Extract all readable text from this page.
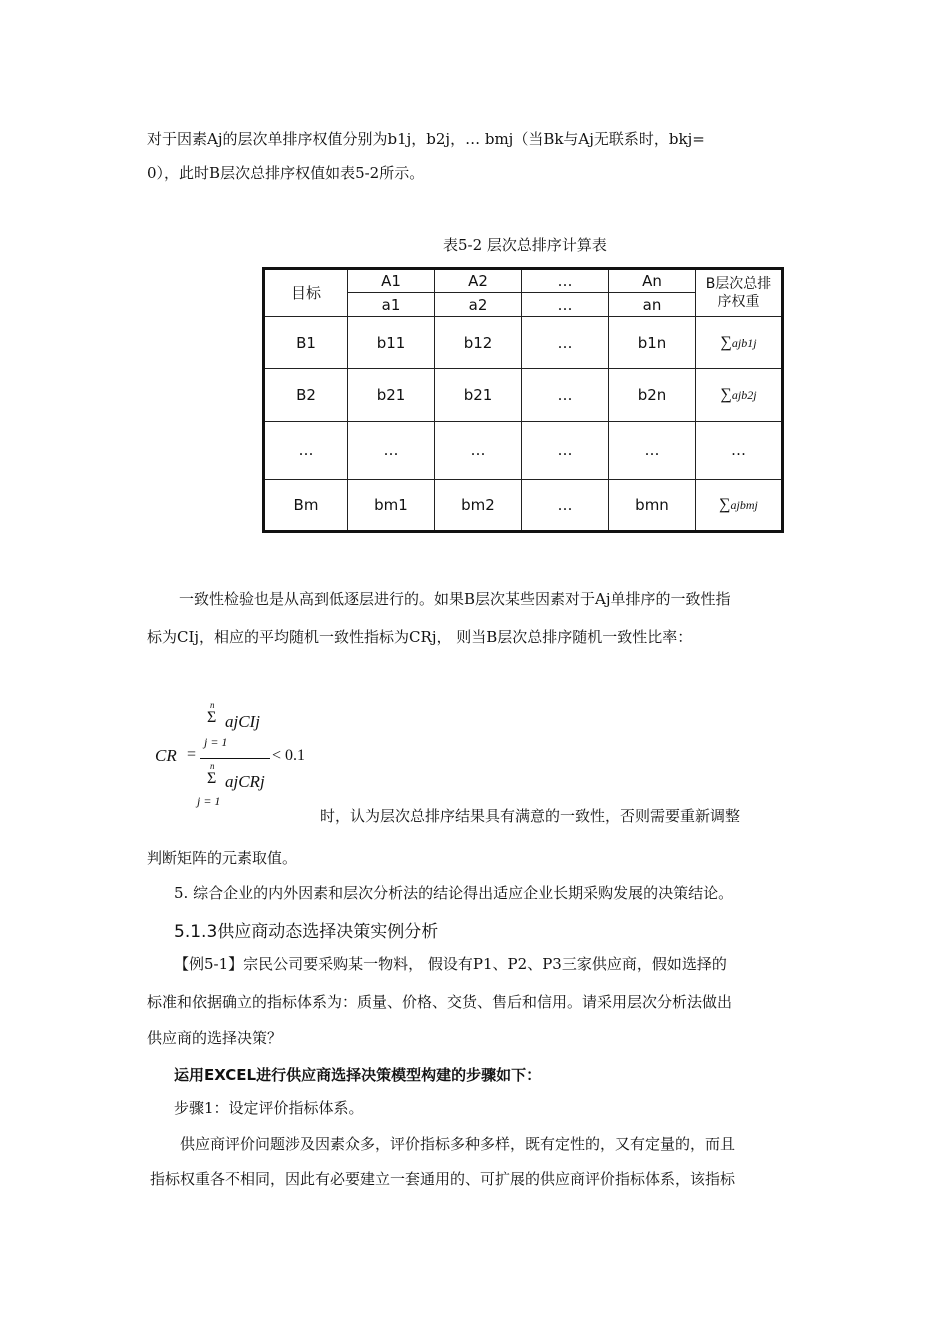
对于因素Aj的层次单排序权值分别为b1j，b2j，… bmj（当Bk与Aj无联系时，bkj=
0），此时B层次总排序权值如表5-2所示。
表5-2 层次总排序计算表
目标	A1	A2	…	An	B层次总排序权重
	a1	a2	…	an	
B1	b11	b12	…	b1n	∑ajb1j
B2	b21	b21	…	b2n	∑ajb2j
…	…	…	…	…	…
Bm	bm1	bm2	…	bmn	∑ajbmj
一致性检验也是从高到低逐层进行的。如果B层次某些因素对于Aj单排序的一致性指
标为CIj，相应的平均随机一致性指标为CRj， 则当B层次总排序随机一致性比率：
n
Σ ajCIj
j = 1
CR =	< 0.1
n
Σ ajCRj
j = 1
时，认为层次总排序结果具有满意的一致性，否则需要重新调整
判断矩阵的元素取值。
5. 综合企业的内外因素和层次分析法的结论得出适应企业长期采购发展的决策结论。
5.1.3供应商动态选择决策实例分析
【例5-1】宗民公司要采购某一物料， 假设有P1、P2、P3三家供应商，假如选择的
标准和依据确立的指标体系为：质量、价格、交货、售后和信用。请采用层次分析法做出
供应商的选择决策？
运用EXCEL进行供应商选择决策模型构建的步骤如下：
步骤1：设定评价指标体系。
供应商评价问题涉及因素众多，评价指标多种多样，既有定性的，又有定量的，而且
指标权重各不相同，因此有必要建立一套通用的、可扩展的供应商评价指标体系，该指标
